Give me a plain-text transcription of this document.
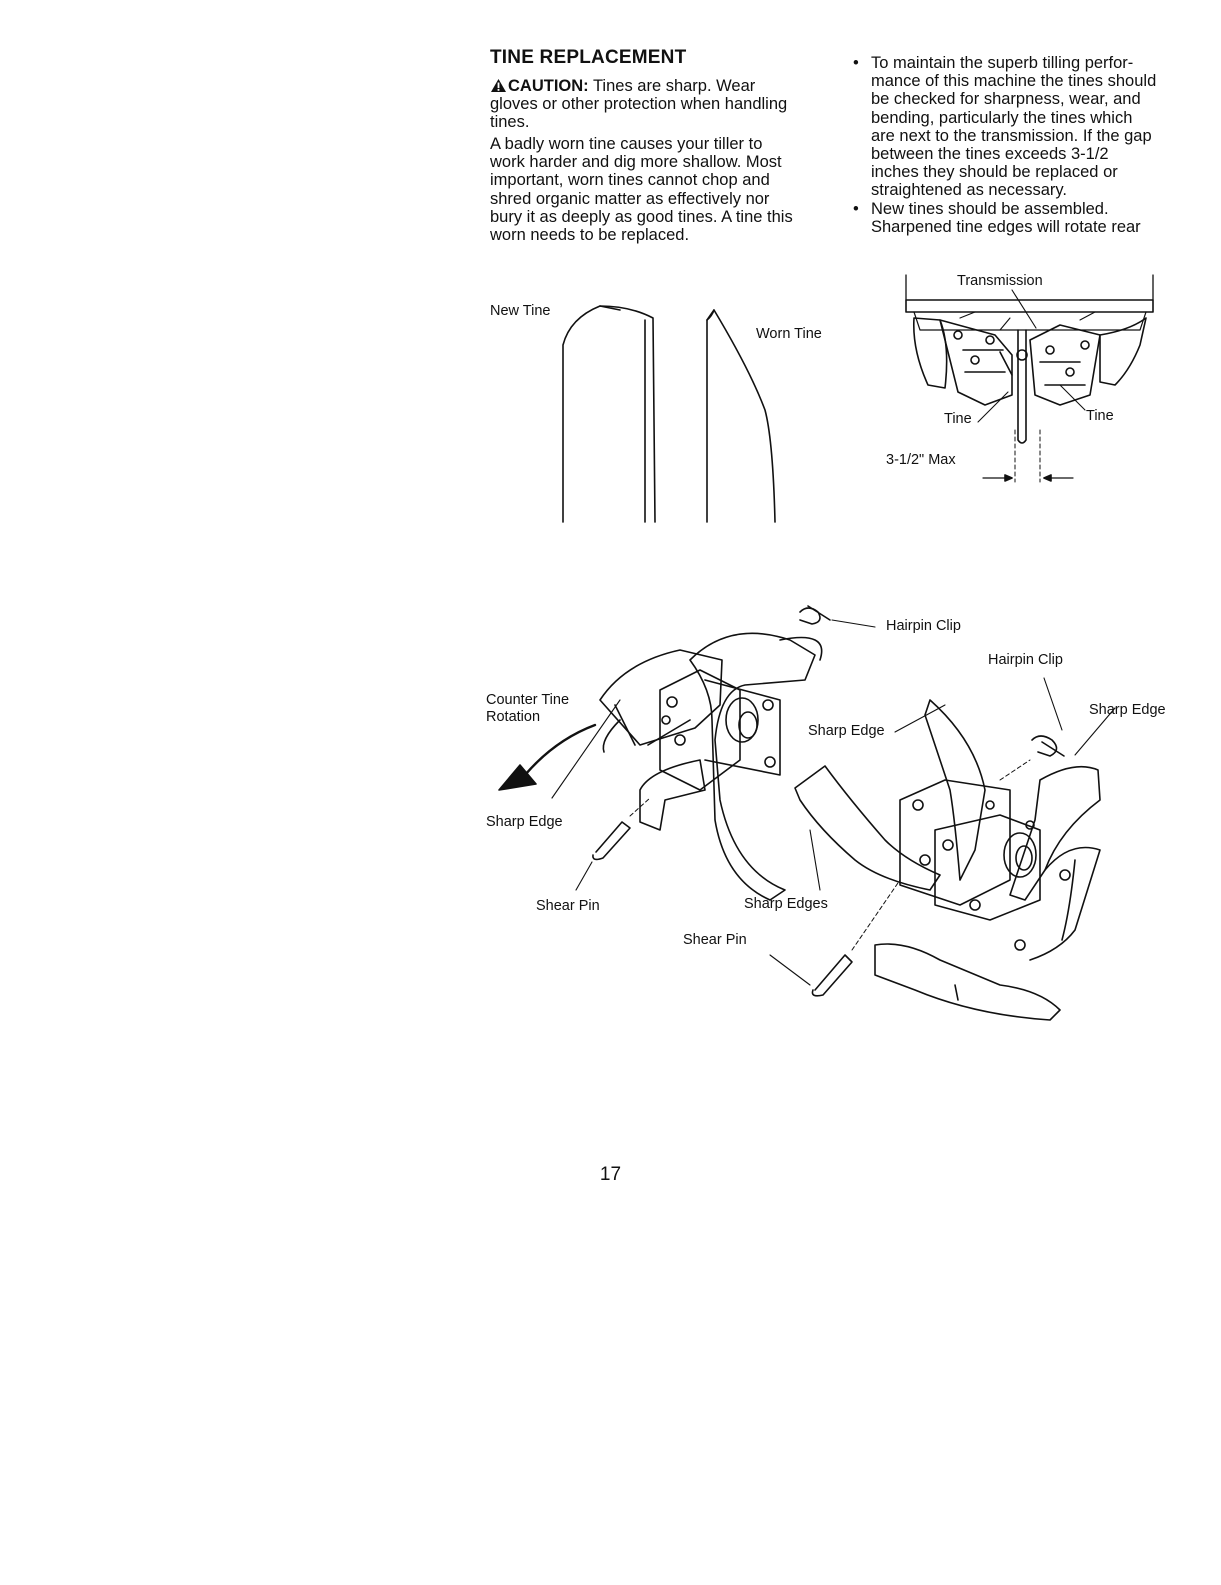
TINE REPLACEMENT
CAUTION: Tines are sharp. Wear
gloves or other protection when handling
tines.
A badly worn tine causes your tiller to
work harder and dig more shallow. Most
important, worn tines cannot chop and
shred organic matter as effectively nor
bury it as deeply as good tines. A tine this
worn needs to be replaced.
• To maintain the superb tilling perfor-
mance of this machine the tines should
be checked for sharpness, wear, and
bending, particularly the tines which
are next to the transmission. If the gap
between the tines exceeds 3-1/2
inches they should be replaced or
straightened as necessary.
• New tines should be assembled.
Sharpened tine edges will rotate rear
New Tine
Worn Tine
Transmission
Tine	Tine
3-1/2" Max
Hairpin Clip
Hairpin Clip
Sharp Edge
Sharp Edge
Counter Tine
Rotation
Sharp Edge
Shear Pin	Sharp Edges
Shear Pin
17
